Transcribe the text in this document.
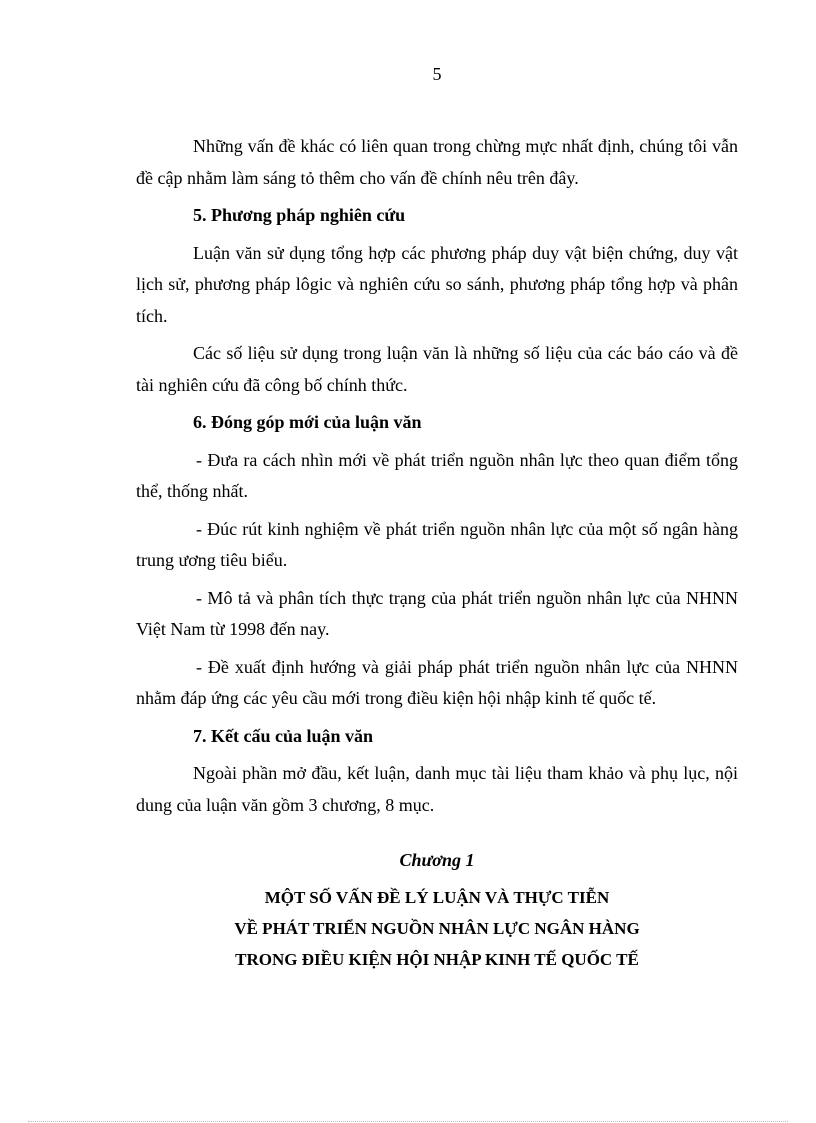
5

Những vấn đề khác có liên quan trong chừng mực nhất định, chúng tôi vẫn đề cập nhằm làm sáng tỏ thêm cho vấn đề chính nêu trên đây.

5. Phương pháp nghiên cứu

Luận văn sử dụng tổng hợp các phương pháp duy vật biện chứng, duy vật lịch sử, phương pháp lôgic và nghiên cứu so sánh, phương pháp tổng hợp và phân tích.

Các số liệu sử dụng trong luận văn là những số liệu của các báo cáo và đề tài nghiên cứu đã công bố chính thức.

6. Đóng góp mới của luận văn

- Đưa ra cách nhìn mới về phát triển nguồn nhân lực theo quan điểm tổng thể, thống nhất.

- Đúc rút kinh nghiệm về phát triển nguồn nhân lực của một số ngân hàng trung ương tiêu biểu.

- Mô tả và phân tích thực trạng của phát triển nguồn nhân lực của NHNN Việt Nam từ 1998 đến nay.

- Đề xuất định hướng và giải pháp phát triển nguồn nhân lực của NHNN nhằm đáp ứng các yêu cầu mới trong điều kiện hội nhập kinh tế quốc tế.

7. Kết cấu của luận văn

Ngoài phần mở đầu, kết luận, danh mục tài liệu tham khảo và phụ lục, nội dung của luận văn gồm 3 chương, 8 mục.

Chương 1

MỘT SỐ VẤN ĐỀ LÝ LUẬN VÀ THỰC TIỄN

VỀ PHÁT TRIỂN NGUỒN NHÂN LỰC NGÂN HÀNG

TRONG ĐIỀU KIỆN HỘI NHẬP KINH TẾ QUỐC TẾ
